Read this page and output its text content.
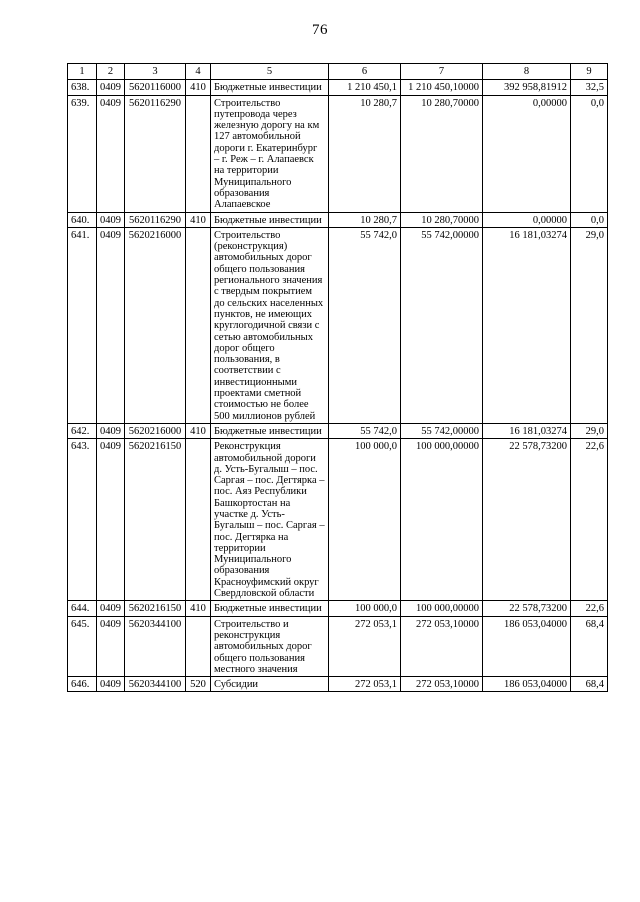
76
1	2	3	4	5	6	7	8	9
638.	0409	5620116000	410	Бюджетные инвестиции	1 210 450,1	1 210 450,10000	392 958,81912	32,5
639.	0409	5620116290		Строительство путепровода через железную дорогу на км 127 автомобильной дороги г. Екатеринбург – г. Реж – г. Алапаевск на территории Муниципального образования Алапаевское	10 280,7	10 280,70000	0,00000	0,0
640.	0409	5620116290	410	Бюджетные инвестиции	10 280,7	10 280,70000	0,00000	0,0
641.	0409	5620216000		Строительство (реконструкция) автомобильных дорог общего пользования регионального значения с твердым покрытием до сельских населенных пунктов, не имеющих круглогодичной связи с сетью автомобильных дорог общего пользования, в соответствии с инвестиционными проектами сметной стоимостью не более 500 миллионов рублей	55 742,0	55 742,00000	16 181,03274	29,0
642.	0409	5620216000	410	Бюджетные инвестиции	55 742,0	55 742,00000	16 181,03274	29,0
643.	0409	5620216150		Реконструкция автомобильной дороги д. Усть-Бугалыш – пос. Саргая – пос. Дегтярка – пос. Аяз Республики Башкортостан на участке д. Усть-Бугалыш – пос. Саргая – пос. Дегтярка на территории Муниципального образования Красноуфимский округ Свердловской области	100 000,0	100 000,00000	22 578,73200	22,6
644.	0409	5620216150	410	Бюджетные инвестиции	100 000,0	100 000,00000	22 578,73200	22,6
645.	0409	5620344100		Строительство и реконструкция автомобильных дорог общего пользования местного значения	272 053,1	272 053,10000	186 053,04000	68,4
646.	0409	5620344100	520	Субсидии	272 053,1	272 053,10000	186 053,04000	68,4
